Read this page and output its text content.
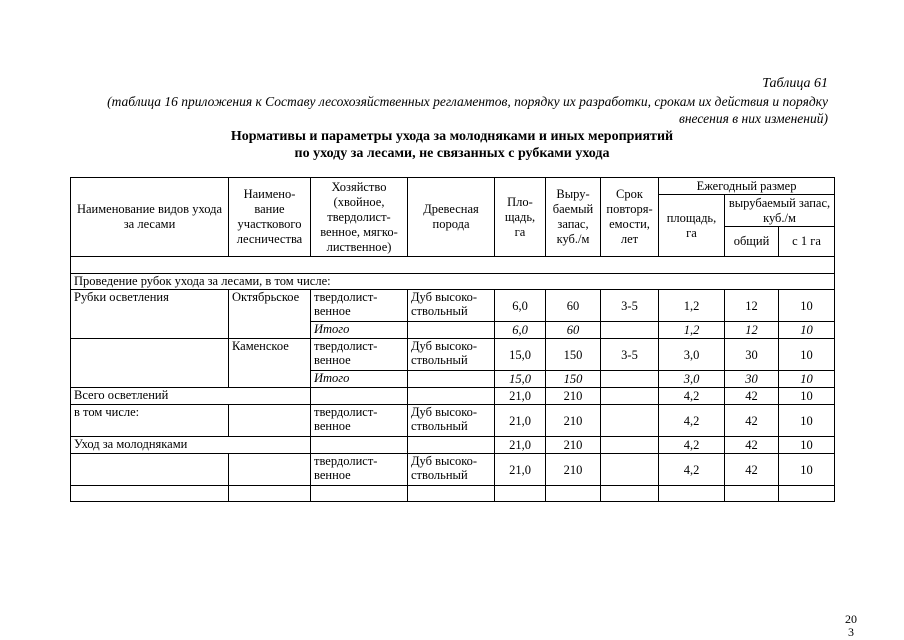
Таблица 61
(таблица 16 приложения к Составу лесохозяйственных регламентов, порядку их разработки, срокам их действия и порядку внесения в них изменений)
Нормативы и параметры ухода за молодняками и иных мероприятий
по уходу за лесами, не связанных с рубками ухода
Наименование видов ухода за лесами	Наимено-вание участкового лесничества	Хозяйство (хвойное, твердолист-венное, мягко-лиственное)	Древесная порода	Пло-щадь, га	Выру-баемый запас, куб./м	Срок повторя-емости, лет	Ежегодный размер		
							площадь, га	вырубаемый запас, куб./м	
								общий	с 1 га

Проведение рубок ухода за лесами, в том числе:									
Рубки осветления	Октябрьское	твердолист-венное	Дуб высоко-ствольный	6,0	60	3-5	1,2	12	10
		Итого		6,0	60		1,2	12	10
	Каменское	твердолист-венное	Дуб высоко-ствольный	15,0	150	3-5	3,0	30	10
		Итого		15,0	150		3,0	30	10
Всего осветлений				21,0	210		4,2	42	10
в том числе:		твердолист-венное	Дуб высоко-ствольный	21,0	210		4,2	42	10
Уход за молодняками				21,0	210		4,2	42	10
		твердолист-венное	Дуб высоко-ствольный	21,0	210		4,2	42	10

20
3
